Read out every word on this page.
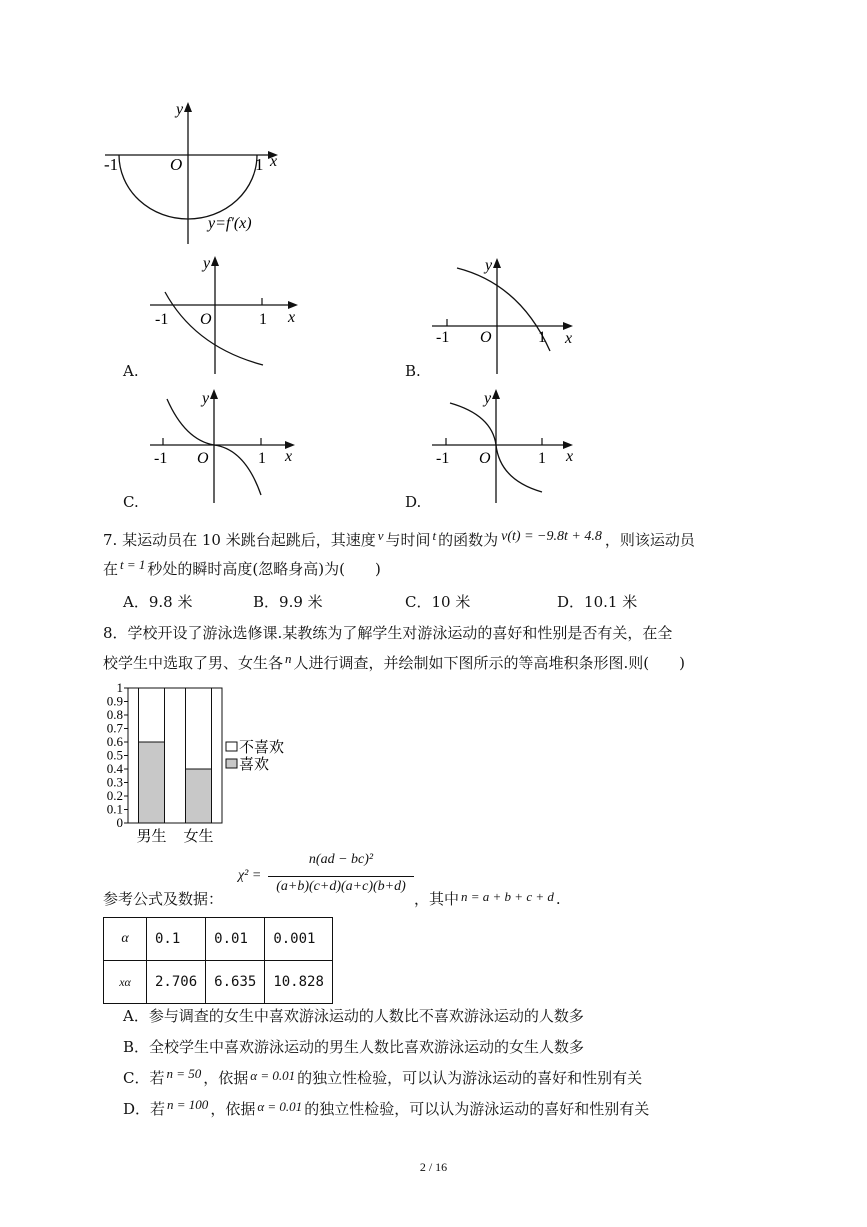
y
x
O
-1	1
y=f′(x)
y
x
O
-1	1
A.
y
x
O
-1	1
B.
y
x
O
-1	1
C.
y
x
O
-1	1
D.
7. 某运动员在 10 米跳台起跳后，其速度 v 与时间 t 的函数为 v(t) = −9.8t + 4.8 ，则该运动员
在 t = 1 秒处的瞬时高度(忽略身高)为(　　)
A．9.8 米	B．9.9 米	C．10 米	D．10.1 米
8．学校开设了游泳选修课.某教练为了解学生对游泳运动的喜好和性别是否有关，在全
校学生中选取了男、女生各 n 人进行调查，并绘制如下图所示的等高堆积条形图.则(　　)
0
0.1
0.2
0.3
0.4
0.5
0.6
0.7
0.8
0.9
1
男生 女生
不喜欢
喜欢
参考公式及数据：
χ² =
n(ad − bc)²
(a+b)(c+d)(a+c)(b+d)
，其中 n = a + b + c + d .
α	0.1	0.01	0.001
xα	2.706	6.635	10.828
A．参与调查的女生中喜欢游泳运动的人数比不喜欢游泳运动的人数多
B．全校学生中喜欢游泳运动的男生人数比喜欢游泳运动的女生人数多
C．若 n = 50 ，依据 α = 0.01 的独立性检验，可以认为游泳运动的喜好和性别有关
D．若 n = 100 ，依据 α = 0.01 的独立性检验，可以认为游泳运动的喜好和性别有关
2 / 16
